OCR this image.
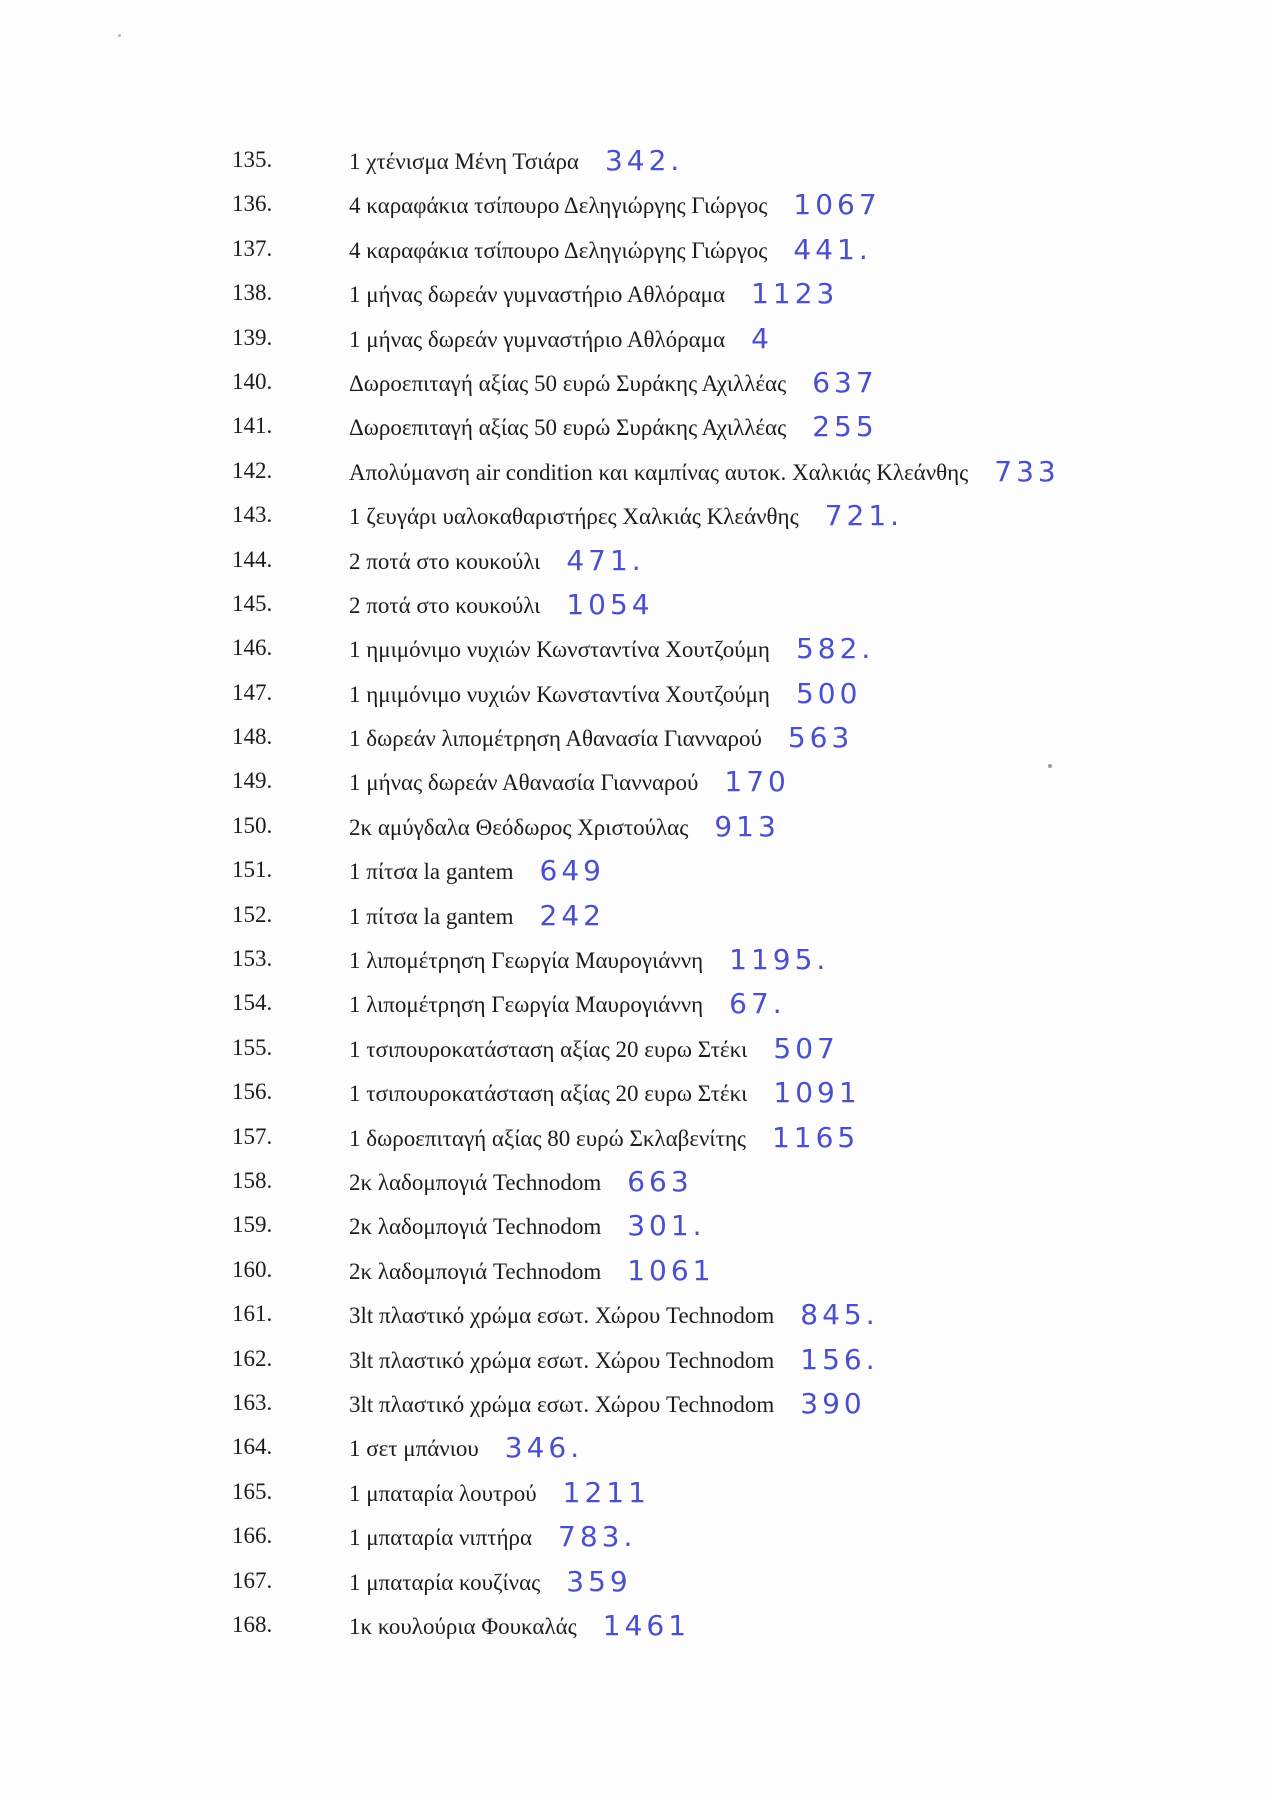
135.	1 χτένισμα Μένη Τσιάρα 342.
136.	4 καραφάκια τσίπουρο Δεληγιώργης Γιώργος 1067
137.	4 καραφάκια τσίπουρο Δεληγιώργης Γιώργος 441.
138.	1 μήνας δωρεάν γυμναστήριο Αθλόραμα 1123
139.	1 μήνας δωρεάν γυμναστήριο Αθλόραμα 4
140.	Δωροεπιταγή αξίας 50 ευρώ Συράκης Αχιλλέας 637
141.	Δωροεπιταγή αξίας 50 ευρώ Συράκης Αχιλλέας 255
142.	Απολύμανση air condition και καμπίνας αυτοκ. Χαλκιάς Κλεάνθης 733
143.	1 ζευγάρι υαλοκαθαριστήρες Χαλκιάς Κλεάνθης 721.
144.	2 ποτά στο κουκούλι 471.
145.	2 ποτά στο κουκούλι 1054
146.	1 ημιμόνιμο νυχιών Κωνσταντίνα Χουτζούμη 582.
147.	1 ημιμόνιμο νυχιών Κωνσταντίνα Χουτζούμη 500
148.	1 δωρεάν λιπομέτρηση Αθανασία Γιανναρού 563
149.	1 μήνας δωρεάν Αθανασία Γιανναρού 170
150.	2κ αμύγδαλα Θεόδωρος Χριστούλας 913
151.	1 πίτσα la gantem 649
152.	1 πίτσα la gantem 242
153.	1 λιπομέτρηση Γεωργία Μαυρογιάννη 1195.
154.	1 λιπομέτρηση Γεωργία Μαυρογιάννη 67.
155.	1 τσιπουροκατάσταση αξίας 20 ευρω Στέκι 507
156.	1 τσιπουροκατάσταση αξίας 20 ευρω Στέκι 1091
157.	1 δωροεπιταγή αξίας 80 ευρώ Σκλαβενίτης 1165
158.	2κ λαδομπογιά Technodom 663
159.	2κ λαδομπογιά Technodom 301.
160.	2κ λαδομπογιά Technodom 1061
161.	3lt πλαστικό χρώμα εσωτ. Χώρου Technodom 845.
162.	3lt πλαστικό χρώμα εσωτ. Χώρου Technodom 156.
163.	3lt πλαστικό χρώμα εσωτ. Χώρου Technodom 390
164.	1 σετ μπάνιου 346.
165.	1 μπαταρία λουτρού 1211
166.	1 μπαταρία νιπτήρα 783.
167.	1 μπαταρία κουζίνας 359
168.	1κ κουλούρια Φουκαλάς 1461
